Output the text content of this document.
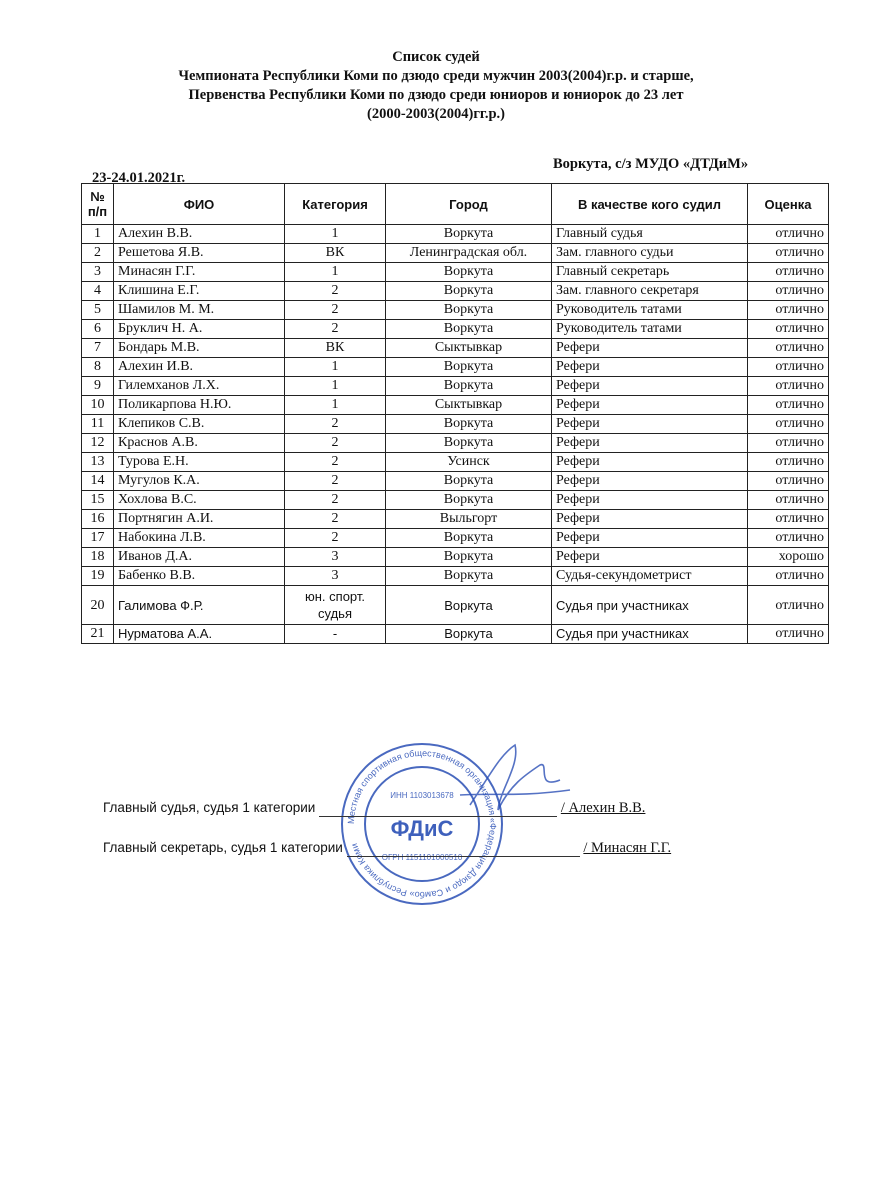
Список судей
Чемпионата Республики Коми по дзюдо среди мужчин 2003(2004)г.р. и старше,
Первенства Республики Коми по дзюдо среди юниоров и юниорок до 23 лет
(2000-2003(2004)гг.р.)
Воркута, с/з МУДО «ДТДиМ»
23-24.01.2021г.
№ п/п	ФИО	Категория	Город	В качестве кого судил	Оценка
1	Алехин В.В.	1	Воркута	Главный судья	отлично
2	Решетова Я.В.	ВК	Ленинградская обл.	Зам. главного судьи	отлично
3	Минасян Г.Г.	1	Воркута	Главный секретарь	отлично
4	Клишина Е.Г.	2	Воркута	Зам. главного секретаря	отлично
5	Шамилов М. М.	2	Воркута	Руководитель татами	отлично
6	Бруклич Н. А.	2	Воркута	Руководитель татами	отлично
7	Бондарь М.В.	ВК	Сыктывкар	Рефери	отлично
8	Алехин И.В.	1	Воркута	Рефери	отлично
9	Гилемханов Л.Х.	1	Воркута	Рефери	отлично
10	Поликарпова Н.Ю.	1	Сыктывкар	Рефери	отлично
11	Клепиков С.В.	2	Воркута	Рефери	отлично
12	Краснов А.В.	2	Воркута	Рефери	отлично
13	Турова Е.Н.	2	Усинск	Рефери	отлично
14	Мугулов К.А.	2	Воркута	Рефери	отлично
15	Хохлова В.С.	2	Воркута	Рефери	отлично
16	Портнягин А.И.	2	Выльгорт	Рефери	отлично
17	Набокина Л.В.	2	Воркута	Рефери	отлично
18	Иванов Д.А.	3	Воркута	Рефери	хорошо
19	Бабенко В.В.	3	Воркута	Судья-секундометрист	отлично
20	Галимова Ф.Р.	юн. спорт. судья	Воркута	Судья при участниках	отлично
21	Нурматова А.А.	-	Воркута	Судья при участниках	отлично
Местная спортивная общественная организация «Федерация Дзюдо и Самбо» Республика Коми
ИНН 1103013678
ФДиС
ОГРН 1151101000510
Главный судья, судья 1 категории	/ Алехин В.В.
Главный секретарь, судья 1 категории	/ Минасян Г.Г.
